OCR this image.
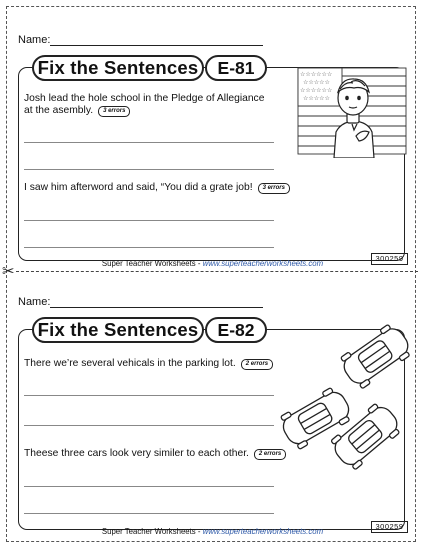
✂
Name:
Fix the Sentences	E-81	☆☆☆☆☆☆
☆☆☆☆☆
☆☆☆☆☆☆
☆☆☆☆☆
Josh lead the hole school in the Pledge of Allegiance
at the asembly. 3 errors
I saw him afterword and said, “You did a grate job! 3 errors
Super Teacher Worksheets - www.superteacherworksheets.com
300259
Name:
Fix the Sentences	E-82
There we’re several vehicals in the parking lot. 2 errors
Theese three cars look very similer to each other. 2 errors
Super Teacher Worksheets - www.superteacherworksheets.com
300259
